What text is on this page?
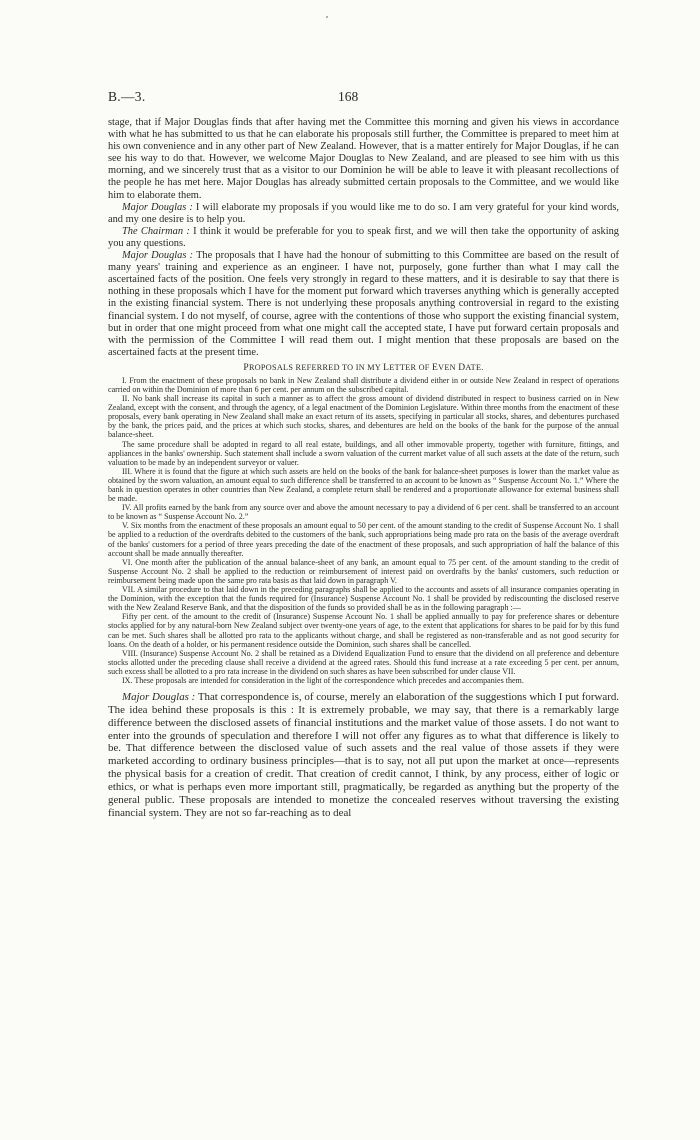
B.—3.	168

stage, that if Major Douglas finds that after having met the Committee this morning and given his views in accordance with what he has submitted to us that he can elaborate his proposals still further, the Committee is prepared to meet him at his own convenience and in any other part of New Zealand. However, that is a matter entirely for Major Douglas, if he can see his way to do that. However, we welcome Major Douglas to New Zealand, and are pleased to see him with us this morning, and we sincerely trust that as a visitor to our Dominion he will be able to leave it with pleasant recollections of the people he has met here. Major Douglas has already submitted certain proposals to the Committee, and we would like him to elaborate them.

Major Douglas : I will elaborate my proposals if you would like me to do so. I am very grateful for your kind words, and my one desire is to help you.

The Chairman : I think it would be preferable for you to speak first, and we will then take the opportunity of asking you any questions.

Major Douglas : The proposals that I have had the honour of submitting to this Committee are based on the result of many years' training and experience as an engineer. I have not, purposely, gone further than what I may call the ascertained facts of the position. One feels very strongly in regard to these matters, and it is desirable to say that there is nothing in these proposals which I have for the moment put forward which traverses anything which is generally accepted in the existing financial system. There is not underlying these proposals anything controversial in regard to the existing financial system. I do not myself, of course, agree with the contentions of those who support the existing financial system, but in order that one might proceed from what one might call the accepted state, I have put forward certain proposals and with the permission of the Committee I will read them out. I might mention that these proposals are based on the ascertained facts at the present time.

PROPOSALS REFERRED TO IN MY LETTER OF EVEN DATE.

I. From the enactment of these proposals no bank in New Zealand shall distribute a dividend either in or outside New Zealand in respect of operations carried on within the Dominion of more than 6 per cent. per annum on the subscribed capital.

II. No bank shall increase its capital in such a manner as to affect the gross amount of dividend distributed in respect to business carried on in New Zealand, except with the consent, and through the agency, of a legal enactment of the Dominion Legislature. Within three months from the enactment of these proposals, every bank operating in New Zealand shall make an exact return of its assets, specifying in particular all stocks, shares, and debentures purchased by the bank, the prices paid, and the prices at which such stocks, shares, and debentures are held on the books of the bank for the purpose of the annual balance-sheet.

The same procedure shall be adopted in regard to all real estate, buildings, and all other immovable property, together with furniture, fittings, and appliances in the banks' ownership. Such statement shall include a sworn valuation of the current market value of all such assets at the date of the return, such valuation to be made by an independent surveyor or valuer.

III. Where it is found that the figure at which such assets are held on the books of the bank for balance-sheet purposes is lower than the market value as obtained by the sworn valuation, an amount equal to such difference shall be transferred to an account to be known as “ Suspense Account No. 1.” Where the bank in question operates in other countries than New Zealand, a complete return shall be rendered and a proportionate allowance for external business shall be made.

IV. All profits earned by the bank from any source over and above the amount necessary to pay a dividend of 6 per cent. shall be transferred to an account to be known as “ Suspense Account No. 2.”

V. Six months from the enactment of these proposals an amount equal to 50 per cent. of the amount standing to the credit of Suspense Account No. 1 shall be applied to a reduction of the overdrafts debited to the customers of the bank, such appropriations being made pro rata on the basis of the average overdraft of the banks' customers for a period of three years preceding the date of the enactment of these proposals, and such appropriation of half the balance of this account shall be made annually thereafter.

VI. One month after the publication of the annual balance-sheet of any bank, an amount equal to 75 per cent. of the amount standing to the credit of Suspense Account No. 2 shall be applied to the reduction or reimbursement of interest paid on overdrafts by the banks' customers, such reduction or reimbursement being made upon the same pro rata basis as that laid down in paragraph V.

VII. A similar procedure to that laid down in the preceding paragraphs shall be applied to the accounts and assets of all insurance companies operating in the Dominion, with the exception that the funds required for (Insurance) Suspense Account No. 1 shall be provided by rediscounting the disclosed reserve with the New Zealand Reserve Bank, and that the disposition of the funds so provided shall be as in the following paragraph :—

Fifty per cent. of the amount to the credit of (Insurance) Suspense Account No. 1 shall be applied annually to pay for preference shares or debenture stocks applied for by any natural-born New Zealand subject over twenty-one years of age, to the extent that applications for shares to be paid for by this fund can be met. Such shares shall be allotted pro rata to the applicants without charge, and shall be registered as non-transferable and as not good security for loans. On the death of a holder, or his permanent residence outside the Dominion, such shares shall be cancelled.

VIII. (Insurance) Suspense Account No. 2 shall be retained as a Dividend Equalization Fund to ensure that the dividend on all preference and debenture stocks allotted under the preceding clause shall receive a dividend at the agreed rates. Should this fund increase at a rate exceeding 5 per cent. per annum, such excess shall be allotted to a pro rata increase in the dividend on such shares as have been subscribed for under clause VII.

IX. These proposals are intended for consideration in the light of the correspondence which precedes and accompanies them.

Major Douglas : That correspondence is, of course, merely an elaboration of the suggestions which I put forward. The idea behind these proposals is this : It is extremely probable, we may say, that there is a remarkably large difference between the disclosed assets of financial institutions and the market value of those assets. I do not want to enter into the grounds of speculation and therefore I will not offer any figures as to what that difference is likely to be. That difference between the disclosed value of such assets and the real value of those assets if they were marketed according to ordinary business principles—that is to say, not all put upon the market at once—represents the physical basis for a creation of credit. That creation of credit cannot, I think, by any process, either of logic or ethics, or what is perhaps even more important still, pragmatically, be regarded as anything but the property of the general public. These proposals are intended to monetize the concealed reserves without traversing the existing financial system. They are not so far-reaching as to deal
